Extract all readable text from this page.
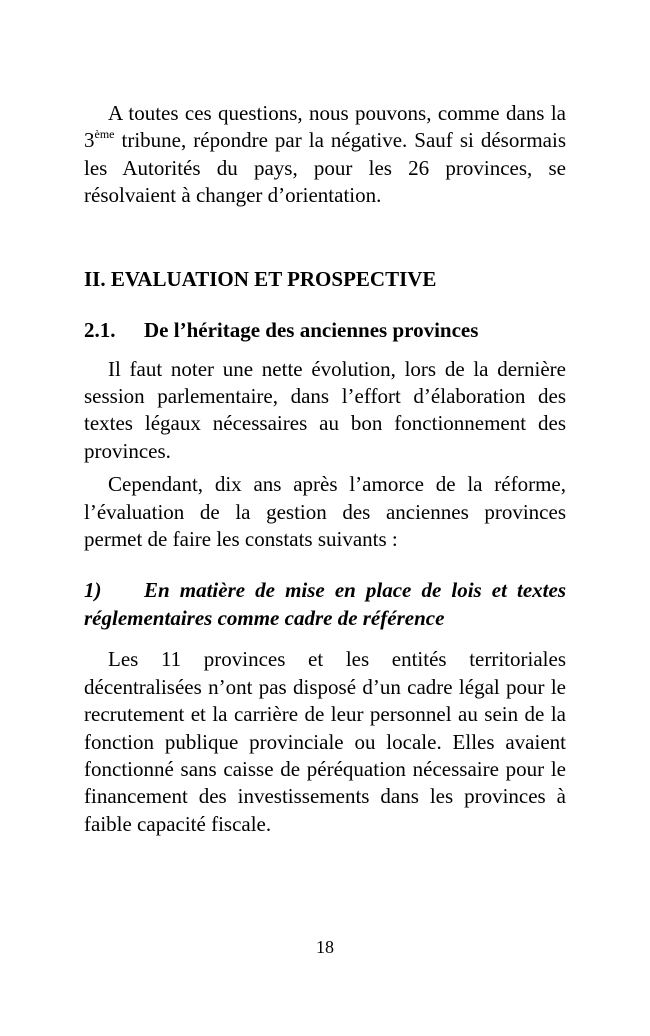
A toutes ces questions, nous pouvons, comme dans la 3ème tribune, répondre par la négative. Sauf si désormais les Autorités du pays, pour les 26 provinces, se résolvaient à changer d’orientation.

II. EVALUATION ET PROSPECTIVE
2.1.	De l’héritage des anciennes provinces

Il faut noter une nette évolution, lors de la dernière session parlementaire, dans l’effort d’élaboration des textes légaux nécessaires au bon fonctionnement des provinces.

Cependant, dix ans après l’amorce de la réforme, l’évaluation de la gestion des anciennes provinces permet de faire les constats suivants :

1) En matière de mise en place de lois et textes réglementaires comme cadre de référence

Les 11 provinces et les entités territoriales décentralisées n’ont pas disposé d’un cadre légal pour le recrutement et la carrière de leur personnel au sein de la fonction publique provinciale ou locale. Elles avaient fonctionné sans caisse de péréquation nécessaire pour le financement des investissements dans les provinces à faible capacité fiscale.

18
